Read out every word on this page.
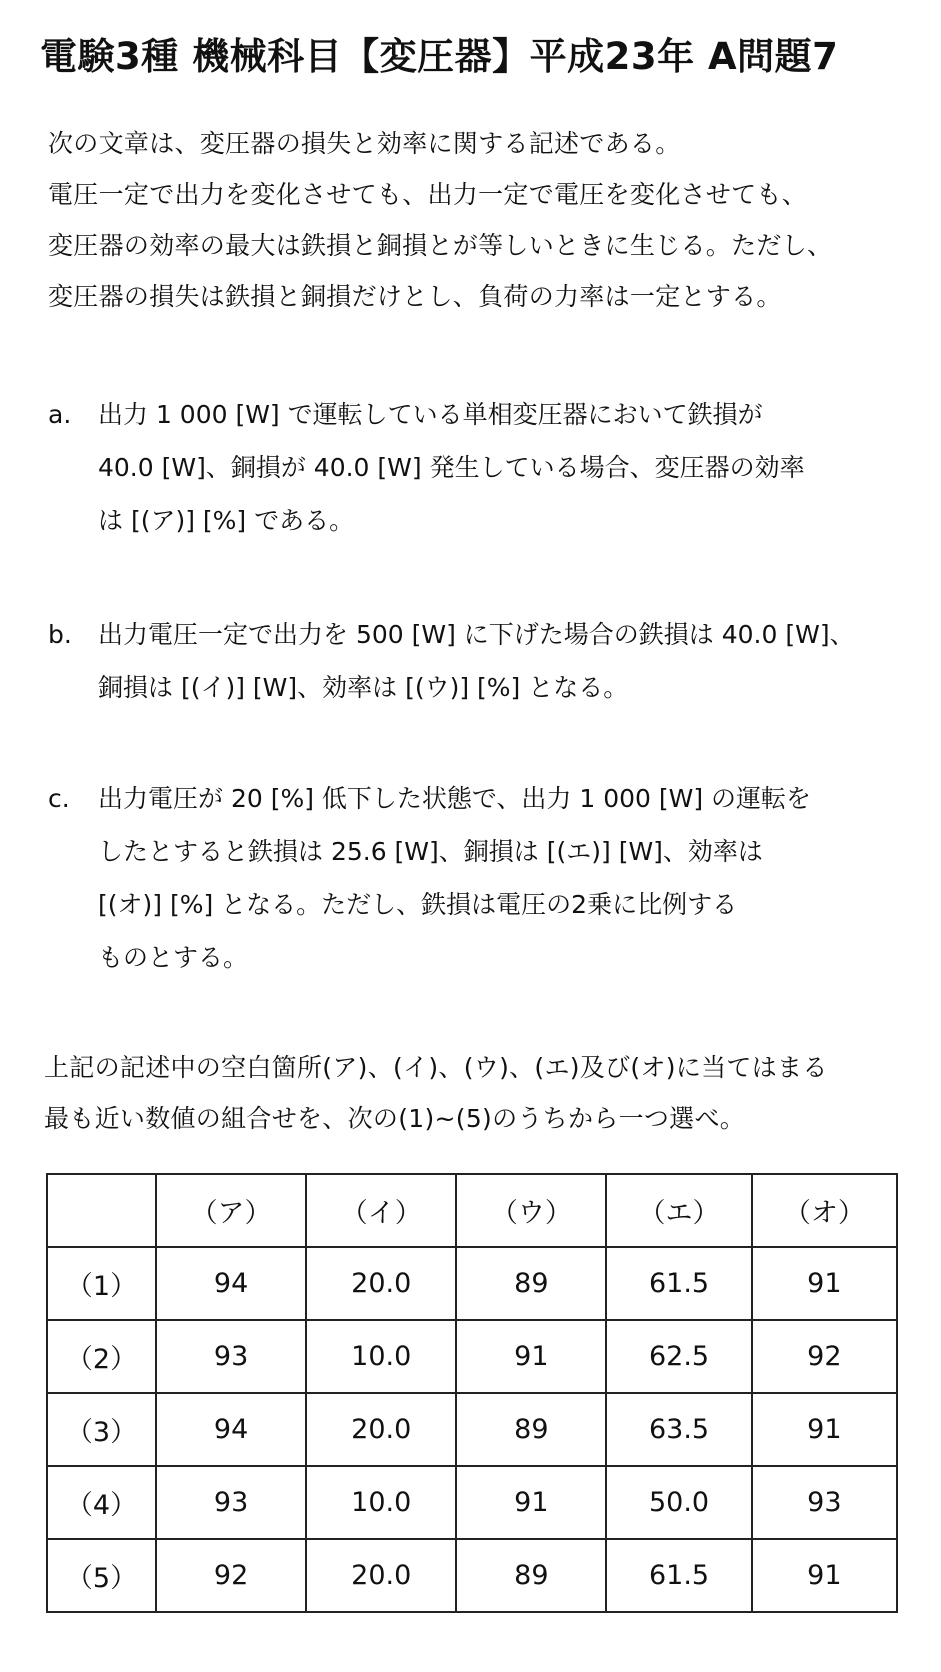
電験3種 機械科目【変圧器】平成23年 A問題7
次の文章は、変圧器の損失と効率に関する記述である。
電圧一定で出力を変化させても、出力一定で電圧を変化させても、
変圧器の効率の最大は鉄損と銅損とが等しいときに生じる。ただし、
変圧器の損失は鉄損と銅損だけとし、負荷の力率は一定とする。
a. 出力 1 000 [W] で運転している単相変圧器において鉄損が
40.0 [W]、銅損が 40.0 [W] 発生している場合、変圧器の効率
は [(ア)] [%] である。
b. 出力電圧一定で出力を 500 [W] に下げた場合の鉄損は 40.0 [W]、
銅損は [(イ)] [W]、効率は [(ウ)] [%] となる。
c. 出力電圧が 20 [%] 低下した状態で、出力 1 000 [W] の運転を
したとすると鉄損は 25.6 [W]、銅損は [(エ)] [W]、効率は
[(オ)] [%] となる。ただし、鉄損は電圧の2乗に比例する
ものとする。
上記の記述中の空白箇所(ア)、(イ)、(ウ)、(エ)及び(オ)に当てはまる
最も近い数値の組合せを、次の(1)~(5)のうちから一つ選べ。
	（ア）	（イ）	（ウ）	（エ）	（オ）
（1）	94	20.0	89	61.5	91
（2）	93	10.0	91	62.5	92
（3）	94	20.0	89	63.5	91
（4）	93	10.0	91	50.0	93
（5）	92	20.0	89	61.5	91
